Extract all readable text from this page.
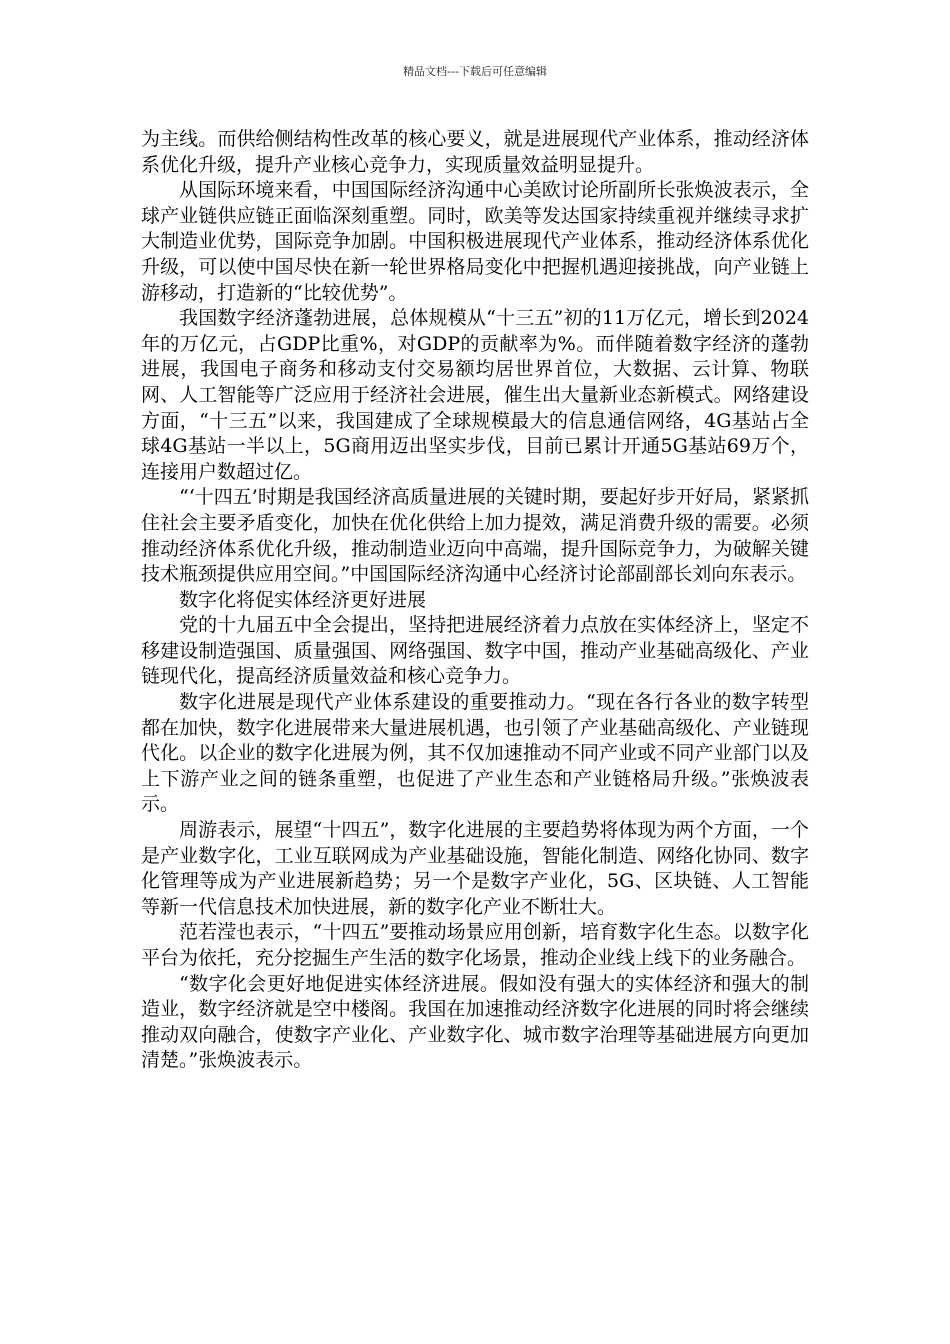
精品文档---下载后可任意编辑

为主线。而供给侧结构性改革的核心要义，就是进展现代产业体系，推动经济体系优化升级，提升产业核心竞争力，实现质量效益明显提升。

从国际环境来看，中国国际经济沟通中心美欧讨论所副所长张焕波表示，全球产业链供应链正面临深刻重塑。同时，欧美等发达国家持续重视并继续寻求扩大制造业优势，国际竞争加剧。中国积极进展现代产业体系，推动经济体系优化升级，可以使中国尽快在新一轮世界格局变化中把握机遇迎接挑战，向产业链上游移动，打造新的“比较优势”。

我国数字经济蓬勃进展，总体规模从“十三五”初的11万亿元，增长到2024年的万亿元，占GDP比重%，对GDP的贡献率为%。而伴随着数字经济的蓬勃进展，我国电子商务和移动支付交易额均居世界首位，大数据、云计算、物联网、人工智能等广泛应用于经济社会进展，催生出大量新业态新模式。网络建设方面，“十三五”以来，我国建成了全球规模最大的信息通信网络，4G基站占全球4G基站一半以上，5G商用迈出坚实步伐，目前已累计开通5G基站69万个，连接用户数超过亿。

“‘十四五’时期是我国经济高质量进展的关键时期，要起好步开好局，紧紧抓住社会主要矛盾变化，加快在优化供给上加力提效，满足消费升级的需要。必须推动经济体系优化升级，推动制造业迈向中高端，提升国际竞争力，为破解关键技术瓶颈提供应用空间。”中国国际经济沟通中心经济讨论部副部长刘向东表示。

数字化将促实体经济更好进展

党的十九届五中全会提出，坚持把进展经济着力点放在实体经济上，坚定不移建设制造强国、质量强国、网络强国、数字中国，推动产业基础高级化、产业链现代化，提高经济质量效益和核心竞争力。

数字化进展是现代产业体系建设的重要推动力。“现在各行各业的数字转型都在加快，数字化进展带来大量进展机遇，也引领了产业基础高级化、产业链现代化。以企业的数字化进展为例，其不仅加速推动不同产业或不同产业部门以及上下游产业之间的链条重塑，也促进了产业生态和产业链格局升级。”张焕波表示。

周游表示，展望“十四五”，数字化进展的主要趋势将体现为两个方面，一个是产业数字化，工业互联网成为产业基础设施，智能化制造、网络化协同、数字化管理等成为产业进展新趋势；另一个是数字产业化，5G、区块链、人工智能等新一代信息技术加快进展，新的数字化产业不断壮大。

范若滢也表示，“十四五”要推动场景应用创新，培育数字化生态。以数字化平台为依托，充分挖掘生产生活的数字化场景，推动企业线上线下的业务融合。

“数字化会更好地促进实体经济进展。假如没有强大的实体经济和强大的制造业，数字经济就是空中楼阁。我国在加速推动经济数字化进展的同时将会继续推动双向融合，使数字产业化、产业数字化、城市数字治理等基础进展方向更加清楚。”张焕波表示。
